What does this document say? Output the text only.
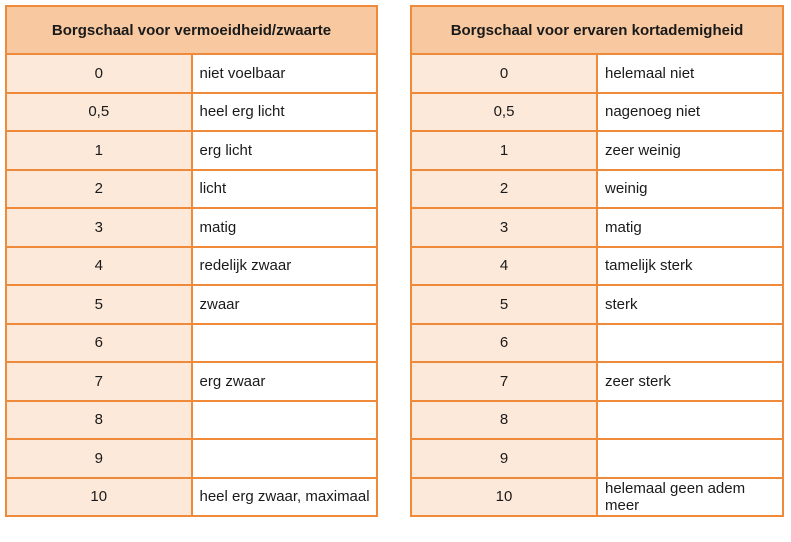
Borgschaal voor vermoeidheid/zwaarte	
0	niet voelbaar
0,5	heel erg licht
1	erg licht
2	licht
3	matig
4	redelijk zwaar
5	zwaar
6	
7	erg zwaar
8	
9	
10	heel erg zwaar, maximaal
Borgschaal voor ervaren kortademigheid	
0	helemaal niet
0,5	nagenoeg niet
1	zeer weinig
2	weinig
3	matig
4	tamelijk sterk
5	sterk
6	
7	zeer sterk
8	
9	
10	helemaal geen adem meer
